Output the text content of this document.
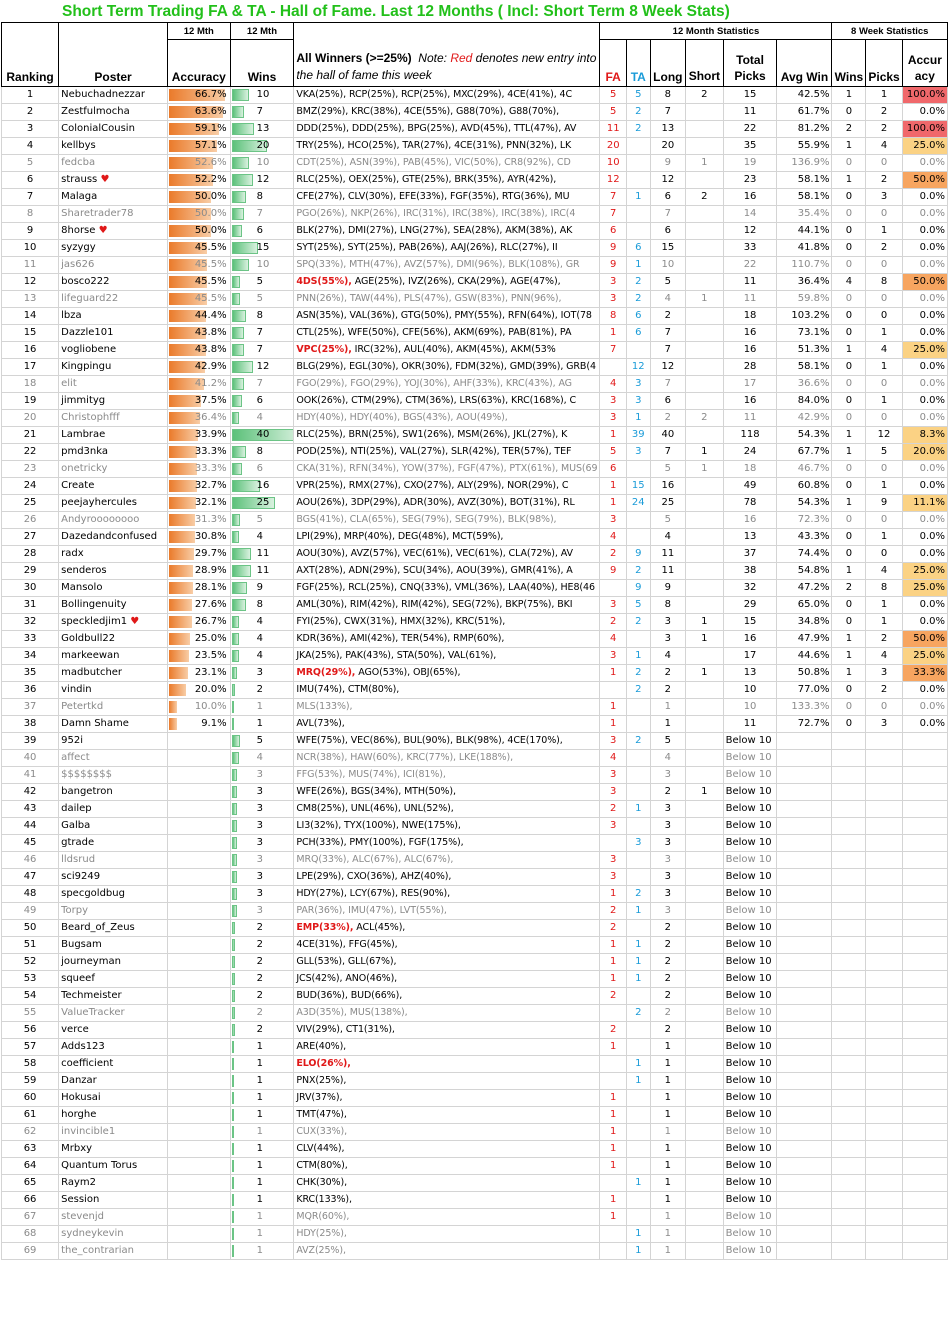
Short Term Trading FA & TA - Hall of Fame. Last 12 Months ( Incl: Short Term 8 Week Stats)
		12 Mth	12 Mth		12 Month Statistics						8 Week Statistics		
Ranking	Poster	Accuracy	Wins	All Winners (>=25%) Note: Red denotes new entry into the hall of fame this week	FA	TA	Long	Short	Total Picks	Avg Win	Wins	Picks	Accuracy
1	Nebuchadnezzar	66.7%	10	VKA(25%), RCP(25%), RCP(25%), MXC(29%), 4CE(41%), 4C	5	5	8	2	15	42.5%	1	1	100.0%
2	Zestfulmocha	63.6%	7	BMZ(29%), KRC(38%), 4CE(55%), G88(70%), G88(70%),	5	2	7		11	61.7%	0	2	0.0%
3	ColonialCousin	59.1%	13	DDD(25%), DDD(25%), BPG(25%), AVD(45%), TTL(47%), AV	11	2	13		22	81.2%	2	2	100.0%
4	kellbys	57.1%	20	TRY(25%), HCO(25%), TAR(27%), 4CE(31%), PNN(32%), LK	20		20		35	55.9%	1	4	25.0%
5	fedcba	52.6%	10	CDT(25%), ASN(39%), PAB(45%), VIC(50%), CR8(92%), CD	10		9	1	19	136.9%	0	0	0.0%
6	strauss ♥	52.2%	12	RLC(25%), OEX(25%), GTE(25%), BRK(35%), AYR(42%),	12		12		23	58.1%	1	2	50.0%
7	Malaga	50.0%	8	CFE(27%), CLV(30%), EFE(33%), FGF(35%), RTG(36%), MU	7	1	6	2	16	58.1%	0	3	0.0%
8	Sharetrader78	50.0%	7	PGO(26%), NKP(26%), IRC(31%), IRC(38%), IRC(38%), IRC(4	7		7		14	35.4%	0	0	0.0%
9	8horse ♥	50.0%	6	BLK(27%), DMI(27%), LNG(27%), SEA(28%), AKM(38%), AK	6		6		12	44.1%	0	1	0.0%
10	syzygy	45.5%	15	SYT(25%), SYT(25%), PAB(26%), AAJ(26%), RLC(27%), II	9	6	15		33	41.8%	0	2	0.0%
11	jas626	45.5%	10	SPQ(33%), MTH(47%), AVZ(57%), DMI(96%), BLK(108%), GR	9	1	10		22	110.7%	0	0	0.0%
12	bosco222	45.5%	5	4DS(55%), AGE(25%), IVZ(26%), CKA(29%), AGE(47%),	3	2	5		11	36.4%	4	8	50.0%
13	lifeguard22	45.5%	5	PNN(26%), TAW(44%), PLS(47%), GSW(83%), PNN(96%),	3	2	4	1	11	59.8%	0	0	0.0%
14	lbza	44.4%	8	ASN(35%), VAL(36%), GTG(50%), PMY(55%), RFN(64%), IOT(78	8	6	2		18	103.2%	0	0	0.0%
15	Dazzle101	43.8%	7	CTL(25%), WFE(50%), CFE(56%), AKM(69%), PAB(81%), PA	1	6	7		16	73.1%	0	1	0.0%
16	vogliobene	43.8%	7	VPC(25%), IRC(32%), AUL(40%), AKM(45%), AKM(53%	7		7		16	51.3%	1	4	25.0%
17	Kingpingu	42.9%	12	BLG(29%), EGL(30%), OKR(30%), FDM(32%), GMD(39%), GRB(4		12	12		28	58.1%	0	1	0.0%
18	elit	41.2%	7	FGO(29%), FGO(29%), YOJ(30%), AHF(33%), KRC(43%), AG	4	3	7		17	36.6%	0	0	0.0%
19	jimmityg	37.5%	6	OOK(26%), CTM(29%), CTM(36%), LRS(63%), KRC(168%), C	3	3	6		16	84.0%	0	1	0.0%
20	Christophfff	36.4%	4	HDY(40%), HDY(40%), BGS(43%), AOU(49%),	3	1	2	2	11	42.9%	0	0	0.0%
21	Lambrae	33.9%	40	RLC(25%), BRN(25%), SW1(26%), MSM(26%), JKL(27%), K	1	39	40		118	54.3%	1	12	8.3%
22	pmd3nka	33.3%	8	POD(25%), NTI(25%), VAL(27%), SLR(42%), TER(57%), TEF	5	3	7	1	24	67.7%	1	5	20.0%
23	onetricky	33.3%	6	CKA(31%), RFN(34%), YOW(37%), FGF(47%), PTX(61%), MUS(69	6		5	1	18	46.7%	0	0	0.0%
24	Create	32.7%	16	VPR(25%), RMX(27%), CXO(27%), ALY(29%), NOR(29%), C	1	15	16		49	60.8%	0	1	0.0%
25	peejayhercules	32.1%	25	AOU(26%), 3DP(29%), ADR(30%), AVZ(30%), BOT(31%), RL	1	24	25		78	54.3%	1	9	11.1%
26	Andyroooooooo	31.3%	5	BGS(41%), CLA(65%), SEG(79%), SEG(79%), BLK(98%),	3		5		16	72.3%	0	0	0.0%
27	Dazedandconfused	30.8%	4	LPI(29%), MRP(40%), DEG(48%), MCT(59%),	4		4		13	43.3%	0	1	0.0%
28	radx	29.7%	11	AOU(30%), AVZ(57%), VEC(61%), VEC(61%), CLA(72%), AV	2	9	11		37	74.4%	0	0	0.0%
29	senderos	28.9%	11	AXT(28%), ADN(29%), SCU(34%), AOU(39%), GMR(41%), A	9	2	11		38	54.8%	1	4	25.0%
30	Mansolo	28.1%	9	FGF(25%), RCL(25%), CNQ(33%), VML(36%), LAA(40%), HE8(46		9	9		32	47.2%	2	8	25.0%
31	Bollingenuity	27.6%	8	AML(30%), RIM(42%), RIM(42%), SEG(72%), BKP(75%), BKI	3	5	8		29	65.0%	0	1	0.0%
32	speckledjim1 ♥	26.7%	4	FYI(25%), CWX(31%), HMX(32%), KRC(51%),	2	2	3	1	15	34.8%	0	1	0.0%
33	Goldbull22	25.0%	4	KDR(36%), AMI(42%), TER(54%), RMP(60%),	4		3	1	16	47.9%	1	2	50.0%
34	markeewan	23.5%	4	JKA(25%), PAK(43%), STA(50%), VAL(61%),	3	1	4		17	44.6%	1	4	25.0%
35	madbutcher	23.1%	3	MRQ(29%), AGO(53%), OBJ(65%),	1	2	2	1	13	50.8%	1	3	33.3%
36	vindin	20.0%	2	IMU(74%), CTM(80%),		2	2		10	77.0%	0	2	0.0%
37	Petertkd	10.0%	1	MLS(133%),	1		1		10	133.3%	0	0	0.0%
38	Damn Shame	9.1%	1	AVL(73%),	1		1		11	72.7%	0	3	0.0%
39	952i		5	WFE(75%), VEC(86%), BUL(90%), BLK(98%), 4CE(170%),	3	2	5		Below 10				
40	affect		4	NCR(38%), HAW(60%), KRC(77%), LKE(188%),	4		4		Below 10				
41	$$$$$$$$		3	FFG(53%), MUS(74%), ICI(81%),	3		3		Below 10				
42	bangetron		3	WFE(26%), BGS(34%), MTH(50%),	3		2	1	Below 10				
43	dailep		3	CM8(25%), UNL(46%), UNL(52%),	2	1	3		Below 10				
44	Galba		3	LI3(32%), TYX(100%), NWE(175%),	3		3		Below 10				
45	gtrade		3	PCH(33%), PMY(100%), FGF(175%),		3	3		Below 10				
46	lldsrud		3	MRQ(33%), ALC(67%), ALC(67%),	3		3		Below 10				
47	sci9249		3	LPE(29%), CXO(36%), AHZ(40%),	3		3		Below 10				
48	specgoldbug		3	HDY(27%), LCY(67%), RES(90%),	1	2	3		Below 10				
49	Torpy		3	PAR(36%), IMU(47%), LVT(55%),	2	1	3		Below 10				
50	Beard_of_Zeus		2	EMP(33%), ACL(45%),	2		2		Below 10				
51	Bugsam		2	4CE(31%), FFG(45%),	1	1	2		Below 10				
52	journeyman		2	GLL(53%), GLL(67%),	1	1	2		Below 10				
53	squeef		2	JCS(42%), ANO(46%),	1	1	2		Below 10				
54	Techmeister		2	BUD(36%), BUD(66%),	2		2		Below 10				
55	ValueTracker		2	A3D(35%), MUS(138%),		2	2		Below 10				
56	verce		2	VIV(29%), CT1(31%),	2		2		Below 10				
57	Adds123		1	ARE(40%),	1		1		Below 10				
58	coefficient		1	ELO(26%),		1	1		Below 10				
59	Danzar		1	PNX(25%),		1	1		Below 10				
60	Hokusai		1	JRV(37%),	1		1		Below 10				
61	horghe		1	TMT(47%),	1		1		Below 10				
62	invincible1		1	CUX(33%),	1		1		Below 10				
63	Mrbxy		1	CLV(44%),	1		1		Below 10				
64	Quantum Torus		1	CTM(80%),	1		1		Below 10				
65	Raym2		1	CHK(30%),		1	1		Below 10				
66	Session		1	KRC(133%),	1		1		Below 10				
67	stevenjd		1	MQR(60%),	1		1		Below 10				
68	sydneykevin		1	HDY(25%),		1	1		Below 10				
69	the_contrarian		1	AVZ(25%),		1	1		Below 10				
